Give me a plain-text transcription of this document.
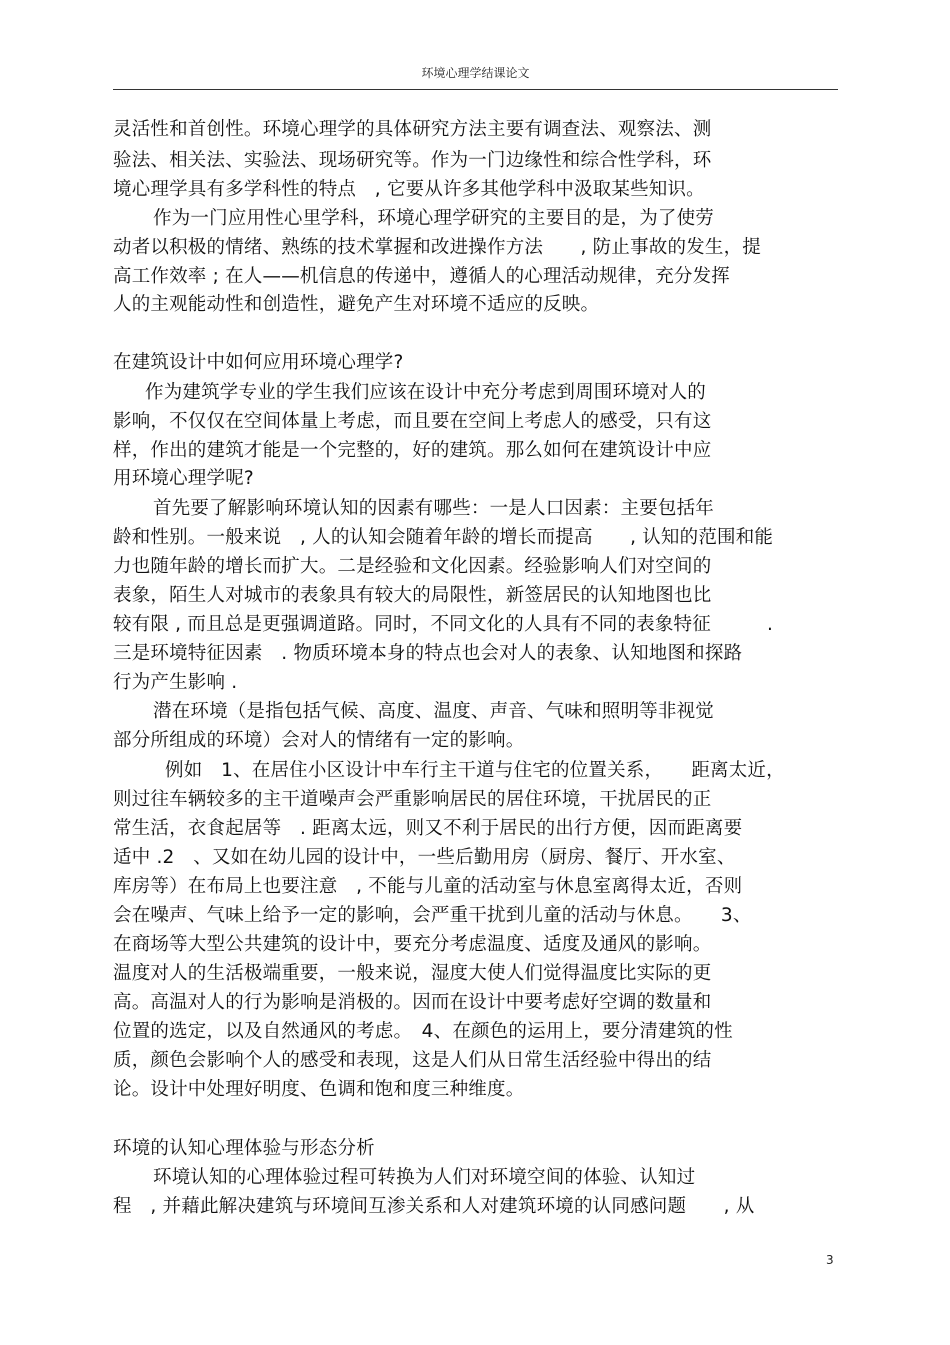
环境心理学结课论文
灵活性和首创性。环境心理学的具体研究方法主要有调查法、观察法、测
验法、相关法、实验法、现场研究等。作为一门边缘性和综合性学科，环
境心理学具有多学科性的特点　, 它要从许多其他学科中汲取某些知识。
作为一门应用性心里学科，环境心理学研究的主要目的是，为了使劳
动者以积极的情绪、熟练的技术掌握和改进操作方法　　, 防止事故的发生，提
高工作效率 ; 在人——机信息的传递中，遵循人的心理活动规律，充分发挥
人的主观能动性和创造性，避免产生对环境不适应的反映。
在建筑设计中如何应用环境心理学?
作为建筑学专业的学生我们应该在设计中充分考虑到周围环境对人的
影响，不仅仅在空间体量上考虑，而且要在空间上考虑人的感受，只有这
样，作出的建筑才能是一个完整的，好的建筑。那么如何在建筑设计中应
用环境心理学呢?
首先要了解影响环境认知的因素有哪些：一是人口因素：主要包括年
龄和性别。一般来说　, 人的认知会随着年龄的增长而提高　　, 认知的范围和能
力也随年龄的增长而扩大。二是经验和文化因素。经验影响人们对空间的
表象，陌生人对城市的表象具有较大的局限性，新签居民的认知地图也比
较有限 , 而且总是更强调道路。同时，不同文化的人具有不同的表象特征　　　.
三是环境特征因素　. 物质环境本身的特点也会对人的表象、认知地图和探路
行为产生影响 .
潜在环境（是指包括气候、高度、温度、声音、气味和照明等非视觉
部分所组成的环境）会对人的情绪有一定的影响。
例如　1、在居住小区设计中车行主干道与住宅的位置关系，　　距离太近，
则过往车辆较多的主干道噪声会严重影响居民的居住环境，干扰居民的正
常生活，衣食起居等　. 距离太远，则又不利于居民的出行方便，因而距离要
适中 .2　、又如在幼儿园的设计中，一些后勤用房（厨房、餐厅、开水室、
库房等）在布局上也要注意　, 不能与儿童的活动室与休息室离得太近，否则
会在噪声、气味上给予一定的影响，会严重干扰到儿童的活动与休息。　　3、
在商场等大型公共建筑的设计中，要充分考虑温度、适度及通风的影响。
温度对人的生活极端重要，一般来说，湿度大使人们觉得温度比实际的更
高。高温对人的行为影响是消极的。因而在设计中要考虑好空调的数量和
位置的选定，以及自然通风的考虑。　4、在颜色的运用上，要分清建筑的性
质，颜色会影响个人的感受和表现，这是人们从日常生活经验中得出的结
论。设计中处理好明度、色调和饱和度三种维度。
环境的认知心理体验与形态分析
环境认知的心理体验过程可转换为人们对环境空间的体验、认知过
程　, 并藉此解决建筑与环境间互渗关系和人对建筑环境的认同感问题　　, 从
3
